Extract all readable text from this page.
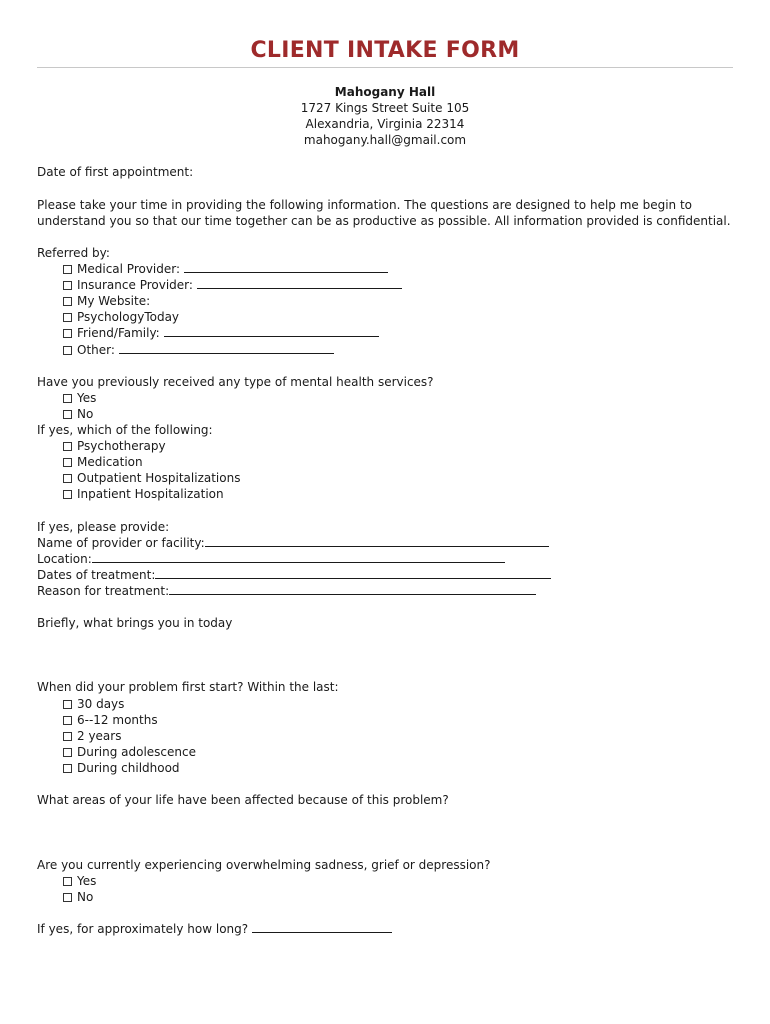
CLIENT INTAKE FORM
Mahogany Hall
1727 Kings Street Suite 105
Alexandria, Virginia 22314
mahogany.hall@gmail.com
Date of first appointment:
Please take your time in providing the following information. The questions are designed to help me begin to
understand you so that our time together can be as productive as possible. All information provided is confidential.
Referred by:
Medical Provider:
Insurance Provider:
My Website:
PsychologyToday
Friend/Family:
Other:
Have you previously received any type of mental health services?
Yes
No
If yes, which of the following:
Psychotherapy
Medication
Outpatient Hospitalizations
Inpatient Hospitalization
If yes, please provide:
Name of provider or facility:
Location:
Dates of treatment:
Reason for treatment:
Briefly, what brings you in today
When did your problem first start? Within the last:
30 days
6--12 months
2 years
During adolescence
During childhood
What areas of your life have been affected because of this problem?
Are you currently experiencing overwhelming sadness, grief or depression?
Yes
No
If yes, for approximately how long?
